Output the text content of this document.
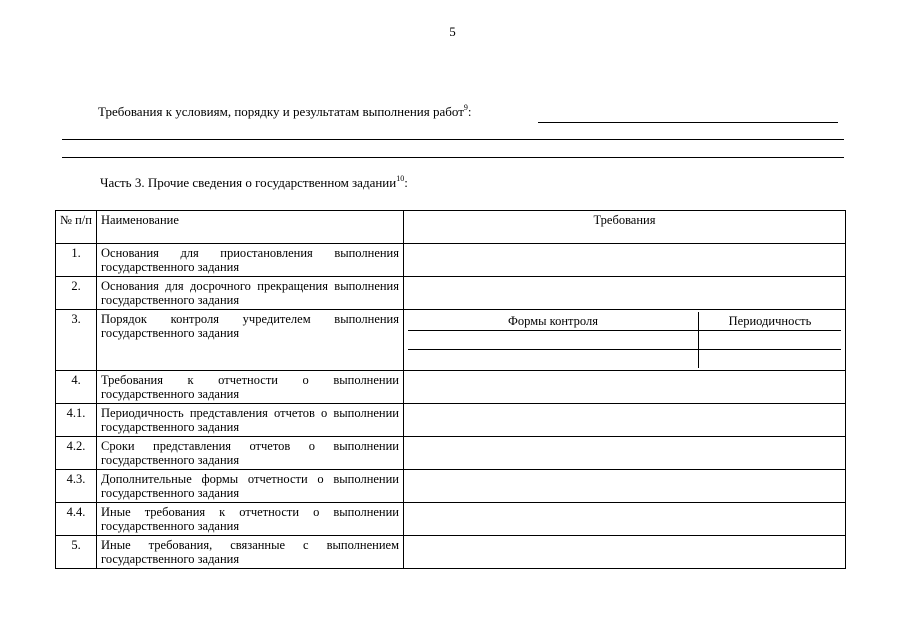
5
Требования к условиям, порядку и результатам выполнения работ$^9$:
Часть 3. Прочие сведения о государственном задании$^{10}$:
№ п/п	Наименование	Требования
1.	Основания для приостановления выполнения государственного задания	
2.	Основания для досрочного прекращения выполнения государственного задания	
3.	Порядок контроля учредителем выполнения государственного задания	
Формы контроля	Периодичность

4.	Требования к отчетности о выполнении государственного задания	
4.1.	Периодичность представления отчетов о выполнении государственного задания	
4.2.	Сроки представления отчетов о выполнении государственного задания	
4.3.	Дополнительные формы отчетности о выполнении государственного задания	
4.4.	Иные требования к отчетности о выполнении государственного задания	
5.	Иные требования, связанные с выполнением государственного задания	
